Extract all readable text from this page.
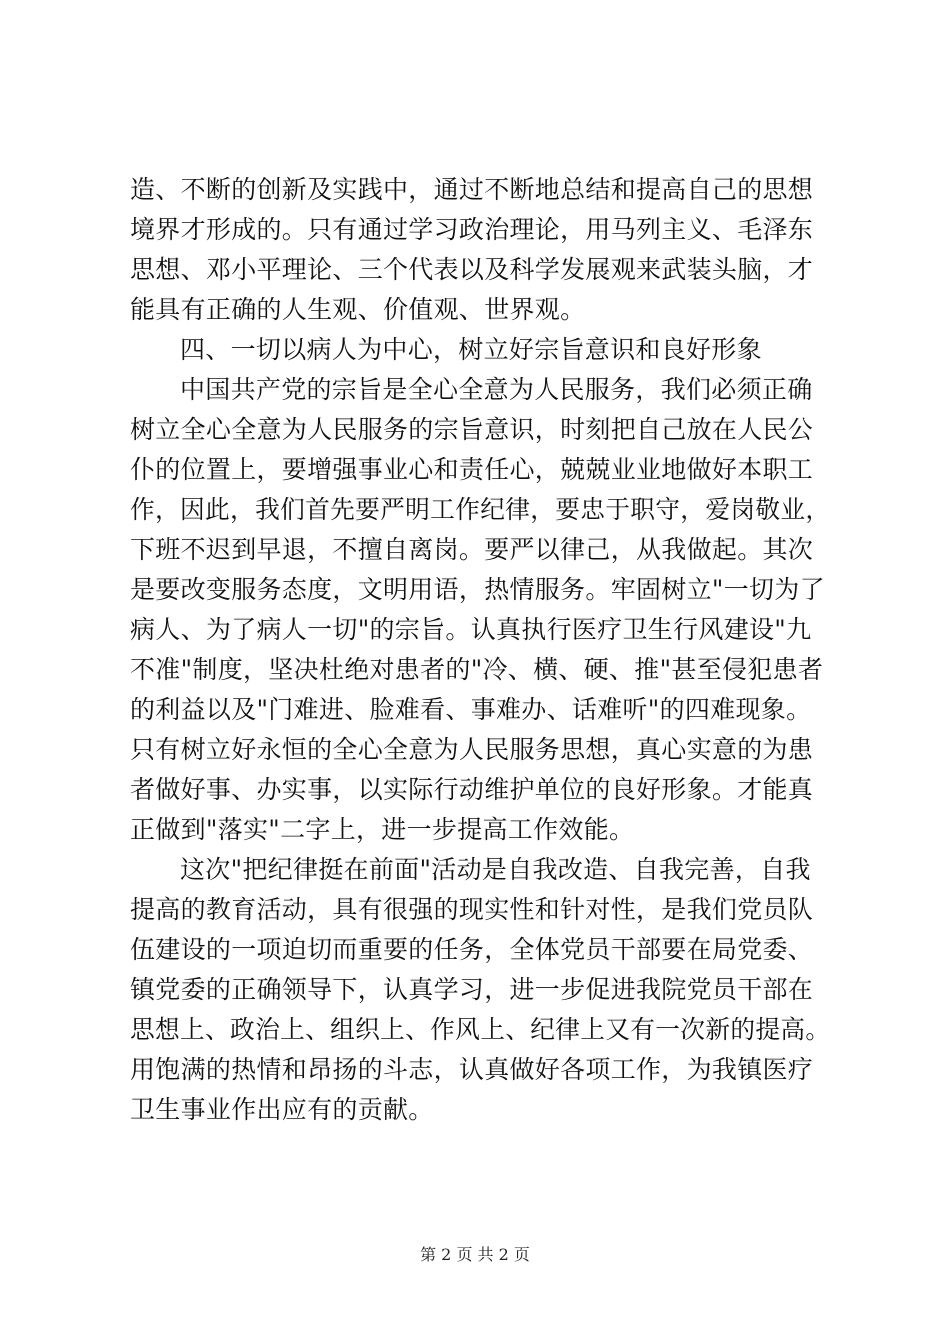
造、不断的创新及实践中，通过不断地总结和提高自己的思想
境界才形成的。只有通过学习政治理论，用马列主义、毛泽东
思想、邓小平理论、三个代表以及科学发展观来武装头脑，才
能具有正确的人生观、价值观、世界观。
四、一切以病人为中心，树立好宗旨意识和良好形象
中国共产党的宗旨是全心全意为人民服务，我们必须正确
树立全心全意为人民服务的宗旨意识，时刻把自己放在人民公
仆的位置上，要增强事业心和责任心，兢兢业业地做好本职工
作，因此，我们首先要严明工作纪律，要忠于职守，爱岗敬业，
下班不迟到早退，不擅自离岗。要严以律己，从我做起。其次
是要改变服务态度，文明用语，热情服务。牢固树立"一切为了
病人、为了病人一切"的宗旨。认真执行医疗卫生行风建设"九
不准"制度，坚决杜绝对患者的"冷、横、硬、推"甚至侵犯患者
的利益以及"门难进、脸难看、事难办、话难听"的四难现象。
只有树立好永恒的全心全意为人民服务思想，真心实意的为患
者做好事、办实事，以实际行动维护单位的良好形象。才能真
正做到"落实"二字上，进一步提高工作效能。
这次"把纪律挺在前面"活动是自我改造、自我完善，自我
提高的教育活动，具有很强的现实性和针对性，是我们党员队
伍建设的一项迫切而重要的任务，全体党员干部要在局党委、
镇党委的正确领导下，认真学习，进一步促进我院党员干部在
思想上、政治上、组织上、作风上、纪律上又有一次新的提高。
用饱满的热情和昂扬的斗志，认真做好各项工作，为我镇医疗
卫生事业作出应有的贡献。
第 2 页 共 2 页
